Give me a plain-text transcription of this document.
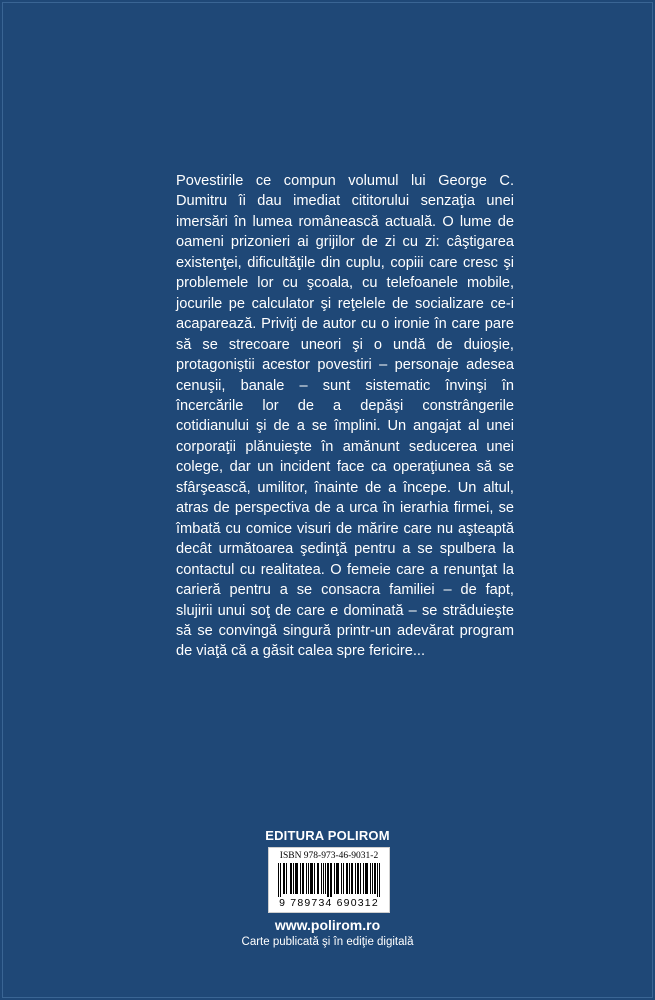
Povestirile ce compun volumul lui George C. Dumitru îi dau imediat cititorului senzaţia unei imersări în lumea românească actuală. O lume de oameni prizonieri ai grijilor de zi cu zi: câştigarea existenţei, dificultăţile din cuplu, copiii care cresc şi problemele lor cu şcoala, cu telefoanele mobile, jocurile pe calculator şi reţelele de socializare ce-i acaparează. Priviţi de autor cu o ironie în care pare să se strecoare uneori şi o undă de duioşie, protagoniştii acestor povestiri – personaje adesea cenuşii, banale – sunt sistematic învinşi în încercările lor de a depăşi constrângerile cotidianului şi de a se împlini. Un angajat al unei corporaţii plănuieşte în amănunt seducerea unei colege, dar un incident face ca operaţiunea să se sfârşească, umilitor, înainte de a începe. Un altul, atras de perspectiva de a urca în ierarhia firmei, se îmbată cu comice visuri de mărire care nu aşteaptă decât următoarea şedinţă pentru a se spulbera la contactul cu realitatea. O femeie care a renunţat la carieră pentru a se consacra familiei – de fapt, slujirii unui soţ de care e dominată – se străduieşte să se convingă singură printr-un adevărat program de viaţă că a găsit calea spre fericire...

EDITURA POLIROM
ISBN 978-973-46-9031-2
9 789734 690312
www.polirom.ro
Carte publicată şi în ediţie digitală
